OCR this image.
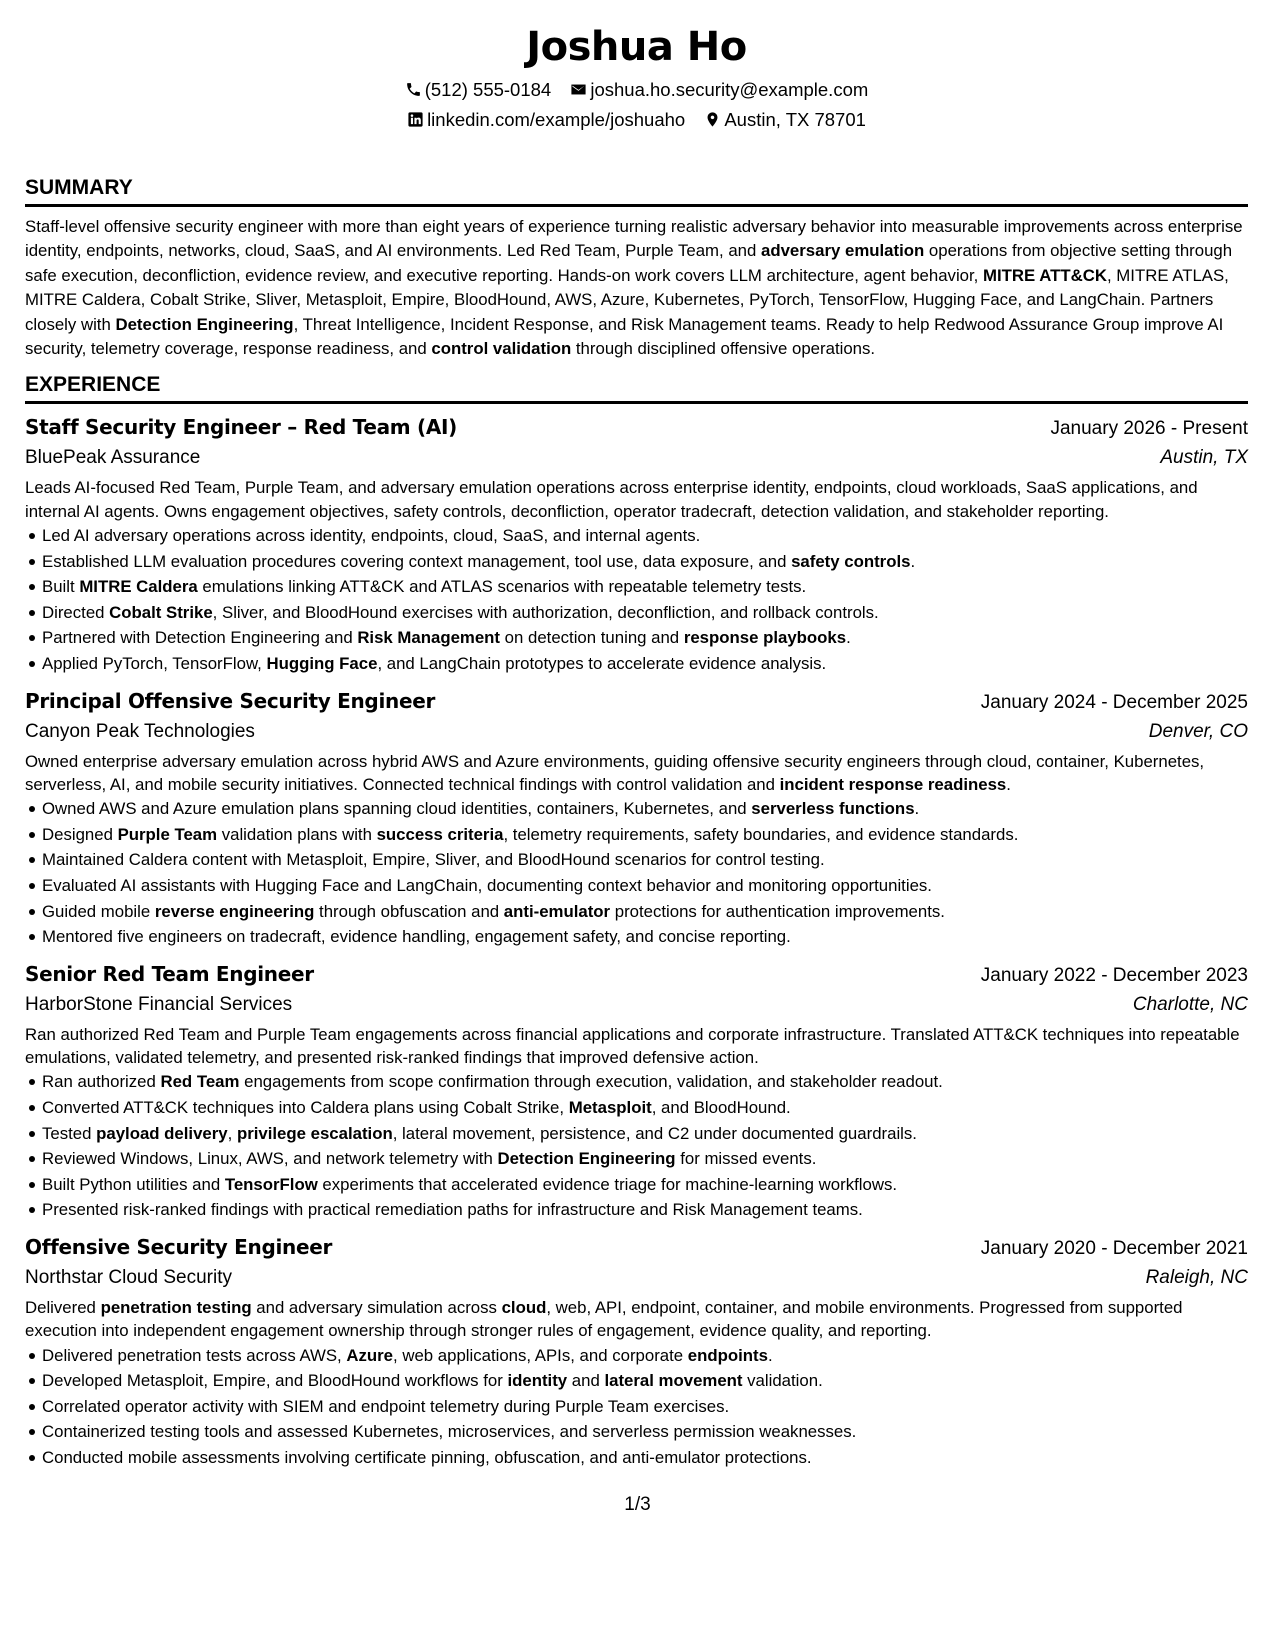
Joshua Ho
(512) 555-0184 joshua.ho.security@example.com
linkedin.com/example/joshuaho Austin, TX 78701
SUMMARY

Staff-level offensive security engineer with more than eight years of experience turning realistic adversary behavior into measurable improvements across enterprise identity, endpoints, networks, cloud, SaaS, and AI environments. Led Red Team, Purple Team, and adversary emulation operations from objective setting through safe execution, deconfliction, evidence review, and executive reporting. Hands-on work covers LLM architecture, agent behavior, MITRE ATT&CK, MITRE ATLAS, MITRE Caldera, Cobalt Strike, Sliver, Metasploit, Empire, BloodHound, AWS, Azure, Kubernetes, PyTorch, TensorFlow, Hugging Face, and LangChain. Partners closely with Detection Engineering, Threat Intelligence, Incident Response, and Risk Management teams. Ready to help Redwood Assurance Group improve AI security, telemetry coverage, response readiness, and control validation through disciplined offensive operations.

EXPERIENCE
Staff Security Engineer – Red Team (AI)	January 2026 - Present
BluePeak Assurance	Austin, TX
Leads AI-focused Red Team, Purple Team, and adversary emulation operations across enterprise identity, endpoints, cloud workloads, SaaS applications, and internal AI agents. Owns engagement objectives, safety controls, deconfliction, operator tradecraft, detection validation, and stakeholder reporting.
Led AI adversary operations across identity, endpoints, cloud, SaaS, and internal agents.
Established LLM evaluation procedures covering context management, tool use, data exposure, and safety controls.
Built MITRE Caldera emulations linking ATT&CK and ATLAS scenarios with repeatable telemetry tests.
Directed Cobalt Strike, Sliver, and BloodHound exercises with authorization, deconfliction, and rollback controls.
Partnered with Detection Engineering and Risk Management on detection tuning and response playbooks.
Applied PyTorch, TensorFlow, Hugging Face, and LangChain prototypes to accelerate evidence analysis.
Principal Offensive Security Engineer	January 2024 - December 2025
Canyon Peak Technologies	Denver, CO
Owned enterprise adversary emulation across hybrid AWS and Azure environments, guiding offensive security engineers through cloud, container, Kubernetes, serverless, AI, and mobile security initiatives. Connected technical findings with control validation and incident response readiness.
Owned AWS and Azure emulation plans spanning cloud identities, containers, Kubernetes, and serverless functions.
Designed Purple Team validation plans with success criteria, telemetry requirements, safety boundaries, and evidence standards.
Maintained Caldera content with Metasploit, Empire, Sliver, and BloodHound scenarios for control testing.
Evaluated AI assistants with Hugging Face and LangChain, documenting context behavior and monitoring opportunities.
Guided mobile reverse engineering through obfuscation and anti-emulator protections for authentication improvements.
Mentored five engineers on tradecraft, evidence handling, engagement safety, and concise reporting.
Senior Red Team Engineer	January 2022 - December 2023
HarborStone Financial Services	Charlotte, NC
Ran authorized Red Team and Purple Team engagements across financial applications and corporate infrastructure. Translated ATT&CK techniques into repeatable emulations, validated telemetry, and presented risk-ranked findings that improved defensive action.
Ran authorized Red Team engagements from scope confirmation through execution, validation, and stakeholder readout.
Converted ATT&CK techniques into Caldera plans using Cobalt Strike, Metasploit, and BloodHound.
Tested payload delivery, privilege escalation, lateral movement, persistence, and C2 under documented guardrails.
Reviewed Windows, Linux, AWS, and network telemetry with Detection Engineering for missed events.
Built Python utilities and TensorFlow experiments that accelerated evidence triage for machine-learning workflows.
Presented risk-ranked findings with practical remediation paths for infrastructure and Risk Management teams.
Offensive Security Engineer	January 2020 - December 2021
Northstar Cloud Security	Raleigh, NC
Delivered penetration testing and adversary simulation across cloud, web, API, endpoint, container, and mobile environments. Progressed from supported execution into independent engagement ownership through stronger rules of engagement, evidence quality, and reporting.
Delivered penetration tests across AWS, Azure, web applications, APIs, and corporate endpoints.
Developed Metasploit, Empire, and BloodHound workflows for identity and lateral movement validation.
Correlated operator activity with SIEM and endpoint telemetry during Purple Team exercises.
Containerized testing tools and assessed Kubernetes, microservices, and serverless permission weaknesses.
Conducted mobile assessments involving certificate pinning, obfuscation, and anti-emulator protections.
1/3
